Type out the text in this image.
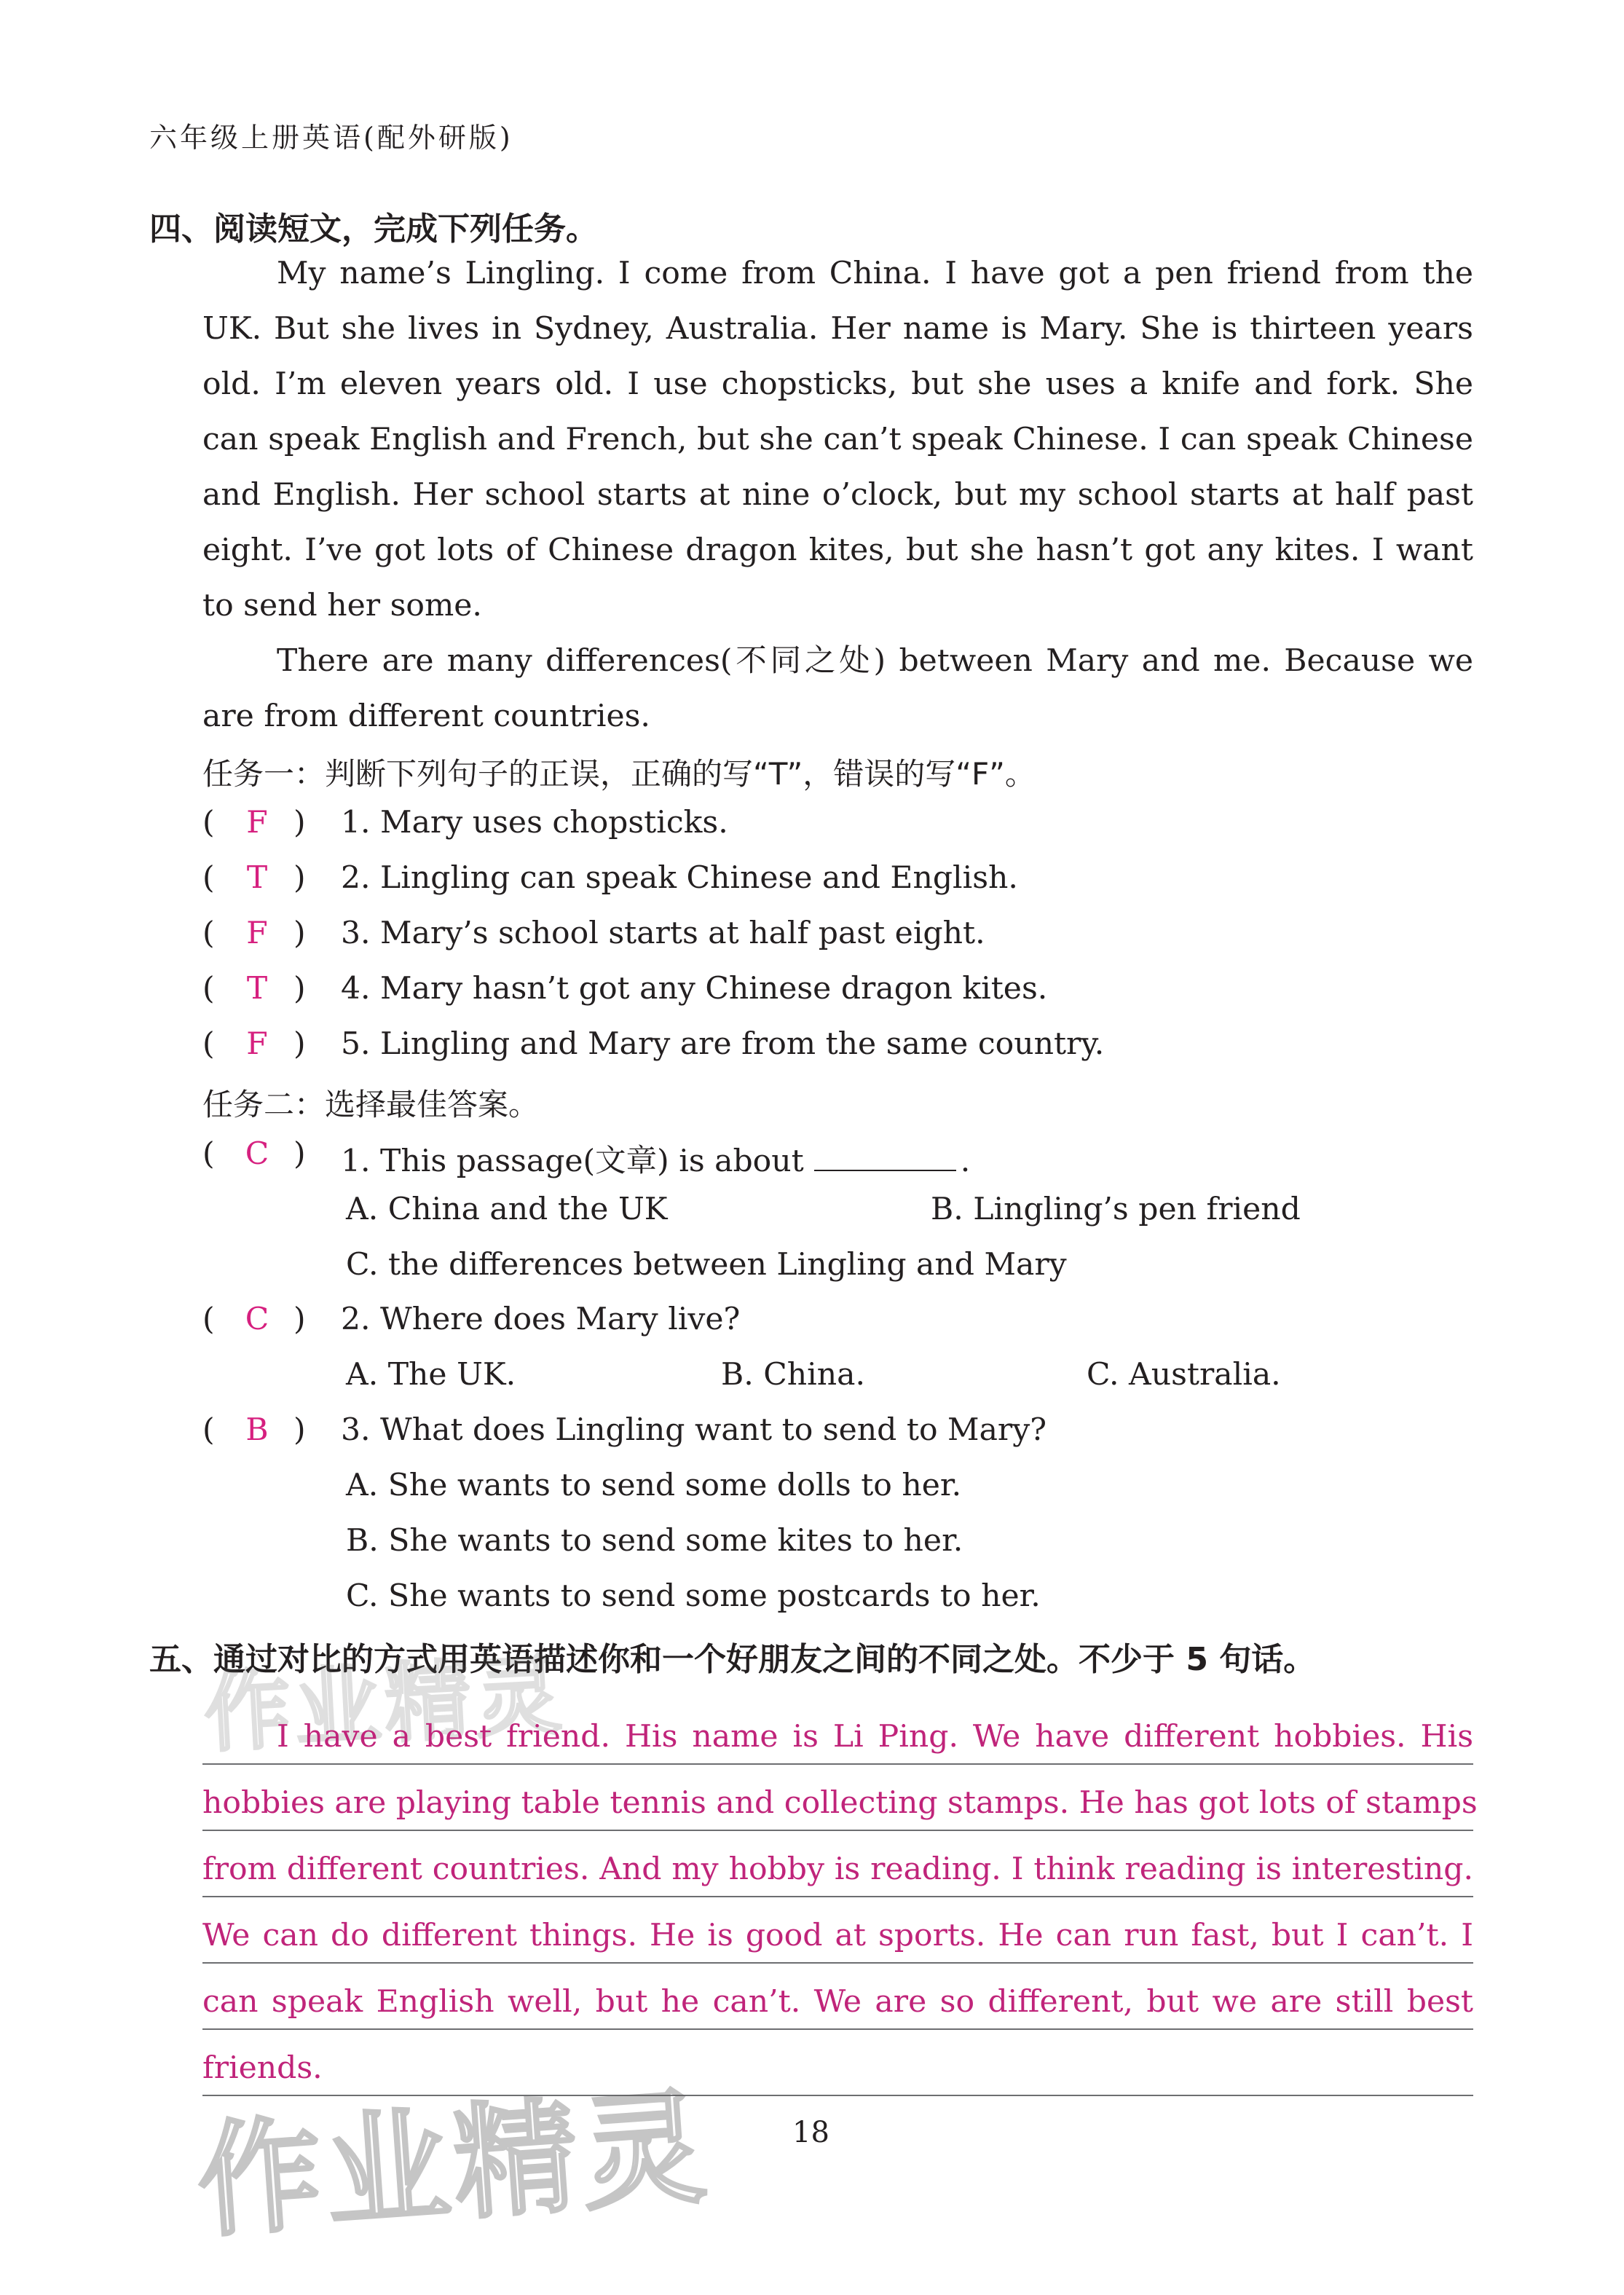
六年级上册英语(配外研版)
四、阅读短文，完成下列任务。

My name’s Lingling. I come from China. I have got a pen friend from the UK. But she lives in Sydney, Australia. Her name is Mary. She is thirteen years old. I’m eleven years old. I use chopsticks, but she uses a knife and fork. She can speak English and French, but she can’t speak Chinese. I can speak Chinese and English. Her school starts at nine o’clock, but my school starts at half past eight. I’ve got lots of Chinese dragon kites, but she hasn’t got any kites. I want to send her some.

There are many differences(不同之处) between Mary and me. Because we are from different countries.

任务一：判断下列句子的正误，正确的写“T”，错误的写“F”。
( F ) 1. Mary uses chopsticks.
( T ) 2. Lingling can speak Chinese and English.
( F ) 3. Mary’s school starts at half past eight.
( T ) 4. Mary hasn’t got any Chinese dragon kites.
( F ) 5. Lingling and Mary are from the same country.
任务二：选择最佳答案。
( C ) 1. This passage(文章) is about	.
A. China and the UK	B. Lingling’s pen friend
C. the differences between Lingling and Mary
( C ) 2. Where does Mary live?
A. The UK.	B. China.	C. Australia.
( B ) 3. What does Lingling want to send to Mary?
A. She wants to send some dolls to her.
B. She wants to send some kites to her.
C. She wants to send some postcards to her.
五、通过对比的方式用英语描述你和一个好朋友之间的不同之处。不少于 5 句话。
作业精灵
I have a best friend. His name is Li Ping. We have different hobbies. His
hobbies are playing table tennis and collecting stamps. He has got lots of stamps
from different countries. And my hobby is reading. I think reading is interesting.
We can do different things. He is good at sports. He can run fast, but I can’t. I
can speak English well, but he can’t. We are so different, but we are still best
friends.
作业精灵	18
